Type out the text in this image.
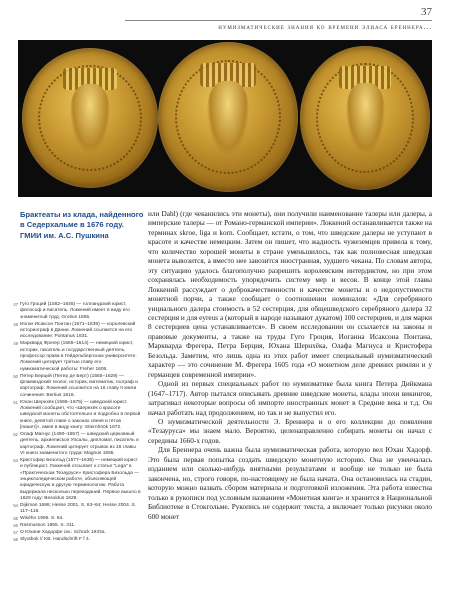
37
нумизматические знания ко времени элиаса бреннера...
Брактеаты из клада, найденного
в Седерхальме в 1676 году.
ГМИИ им. А.С. Пушкина
47 Гуго Гроций (1582–1645) — голландский юрист, философ и писатель. Локкений имеет в виду его знаменитый труд: Grotius 1655.
48 Иоган Исаксон Понтан (1571–1639) — королевский историограф в Дании. Локкений ссылается на его исследование: Pontanus 1631.
49 Марквард Фрегер (1565–1614) — немецкий юрист, историк, писатель и государственный деятель, профессор права в Гейдельбергском университете. Локкений цитирует третью главу его нумизматической работы: Freher 1605.
50 Петер Берций (Петер де Берт) (1565–1629) — фламандский теолог, историк, математик, гоограф и картограф. Локкений ссылается на 16 главу II книги сочинения: Bertius 1616.
51 Юхан Шернхёк (1596–1675) — шведский юрист. Локкений сообщает, что «Шернхёк о красоте шведской монеты обстоятельно и подробно в первой книге, девятой главе о законах свеев и гётов [пишет]», имея в виду книгу: Stiernhöök 1672.
52 Олаф Магнус (1490–1557) — шведский церковный деятель, архиепископ Упсалы, дипломат, писатель и картограф. Локкений цитирует отрывок из 16 главы VI книги знаменитого труда: Magnus 1555.
53 Кристофер Безольд (1577–1638) — немецкий юрист и публицист. Локкений отсылает к статье "Lega" в «Практическом Тезаурусе» Кристофера Безольда — энциклопедическом работе, объясняющей юридическую и другую терминологию. Работа выдержала несколько переизданий. Первое вышло в 1629 году: Besoldus 1629.
54 Dijkman 1686; Hesse 2001. S. 63–64; Hesse 2004. S. 117–118.
55 Wiséhn 1995. S. 84.
56 Rasmusson 1965. S. 311.
57 О Юхане Хадорфе см.: Schück 1933a.
58 Slyotbok // KB. Handschrift F f 4.

или Dahl) (где чеканились эти монеты), они получили наименование талеры или далеры, а имперские талеры — от Романо-германской империи». Локкений останавливается также на терминах skroe, liga и korn. Сообщает, кстати, о том, что шведские далеры не уступают в красоте и качестве немецким. Затем он пишет, что жадность чужеземцев привела к тому, что количество хорошей монеты в стране уменьшилось, так как полновесная шведская монета вывозится, а вместо нее завозится иностранная, худшего чекана. По словам автора, эту ситуацию удалось благополучно разрешить королевским интердиктом, но при этом сохранялась необходимость упорядочить систему мер и весов. В конце этой главы Локкений рассуждает о доброкачественности и качестве монеты и о недопустимости монетной порчи, а также сообщает о соотношении номиналов: «Для серебряного унциального далера стоимость в 52 сестерция, для общешведского серебряного далера 32 сестерция и для eyreus а (который в народе называют дукатом) 100 сестерциев, и для марки 8 сестерциев цена устанавливается». В своем исследовании он ссылается на законы и правовые документы, а также на труды Гуго Гроция, Иоганна Исаксона Понтана, Маркварда Фрегера, Петра Берция, Юхана Шернхёка, Олафа Магнуса и Кристофера Безольда. Заметим, что лишь одна из этих работ имеет специальный нумизматический характер — это сочинение М. Фрегера 1605 года «О монетном деле древних римлян и у германцев современной империи».

Одной из первых специальных работ по нумизматике была книга Петера Дийкмана (1647–1717). Автор пытался описывать древние шведские монеты, клады эпохи викингов, затрагивал некоторые вопросы об импорте иностранных монет в Средние века и т.д. Он начал работать над продолжением, но так и не выпустил его.

О нумизматической деятельности Э. Бреннера и о его коллекции до появления «Тезауруса» мы знаем мало. Вероятно, целенаправленно собирать монеты он начал с середины 1660-х годов.

Для Бреннера очень важна была нумизматическая работа, которую вел Юхан Хадорф. Это была первая попытка создать шведскую монетную историю. Она не увенчалась изданием или сколько-нибудь внятными результатами и вообще не только не была закончена, но, строго говоря, по-настоящему не была начата. Она остановилась на стадии, которую можно назвать сбором материала и подготовкой изложения. Эта работа известна только в рукописи под условным названием «Монетная книга» и хранится в Национальной Библиотеке в Стокгольме. Рукопись не содержит текста, а включает только рисунки около 600 монет
